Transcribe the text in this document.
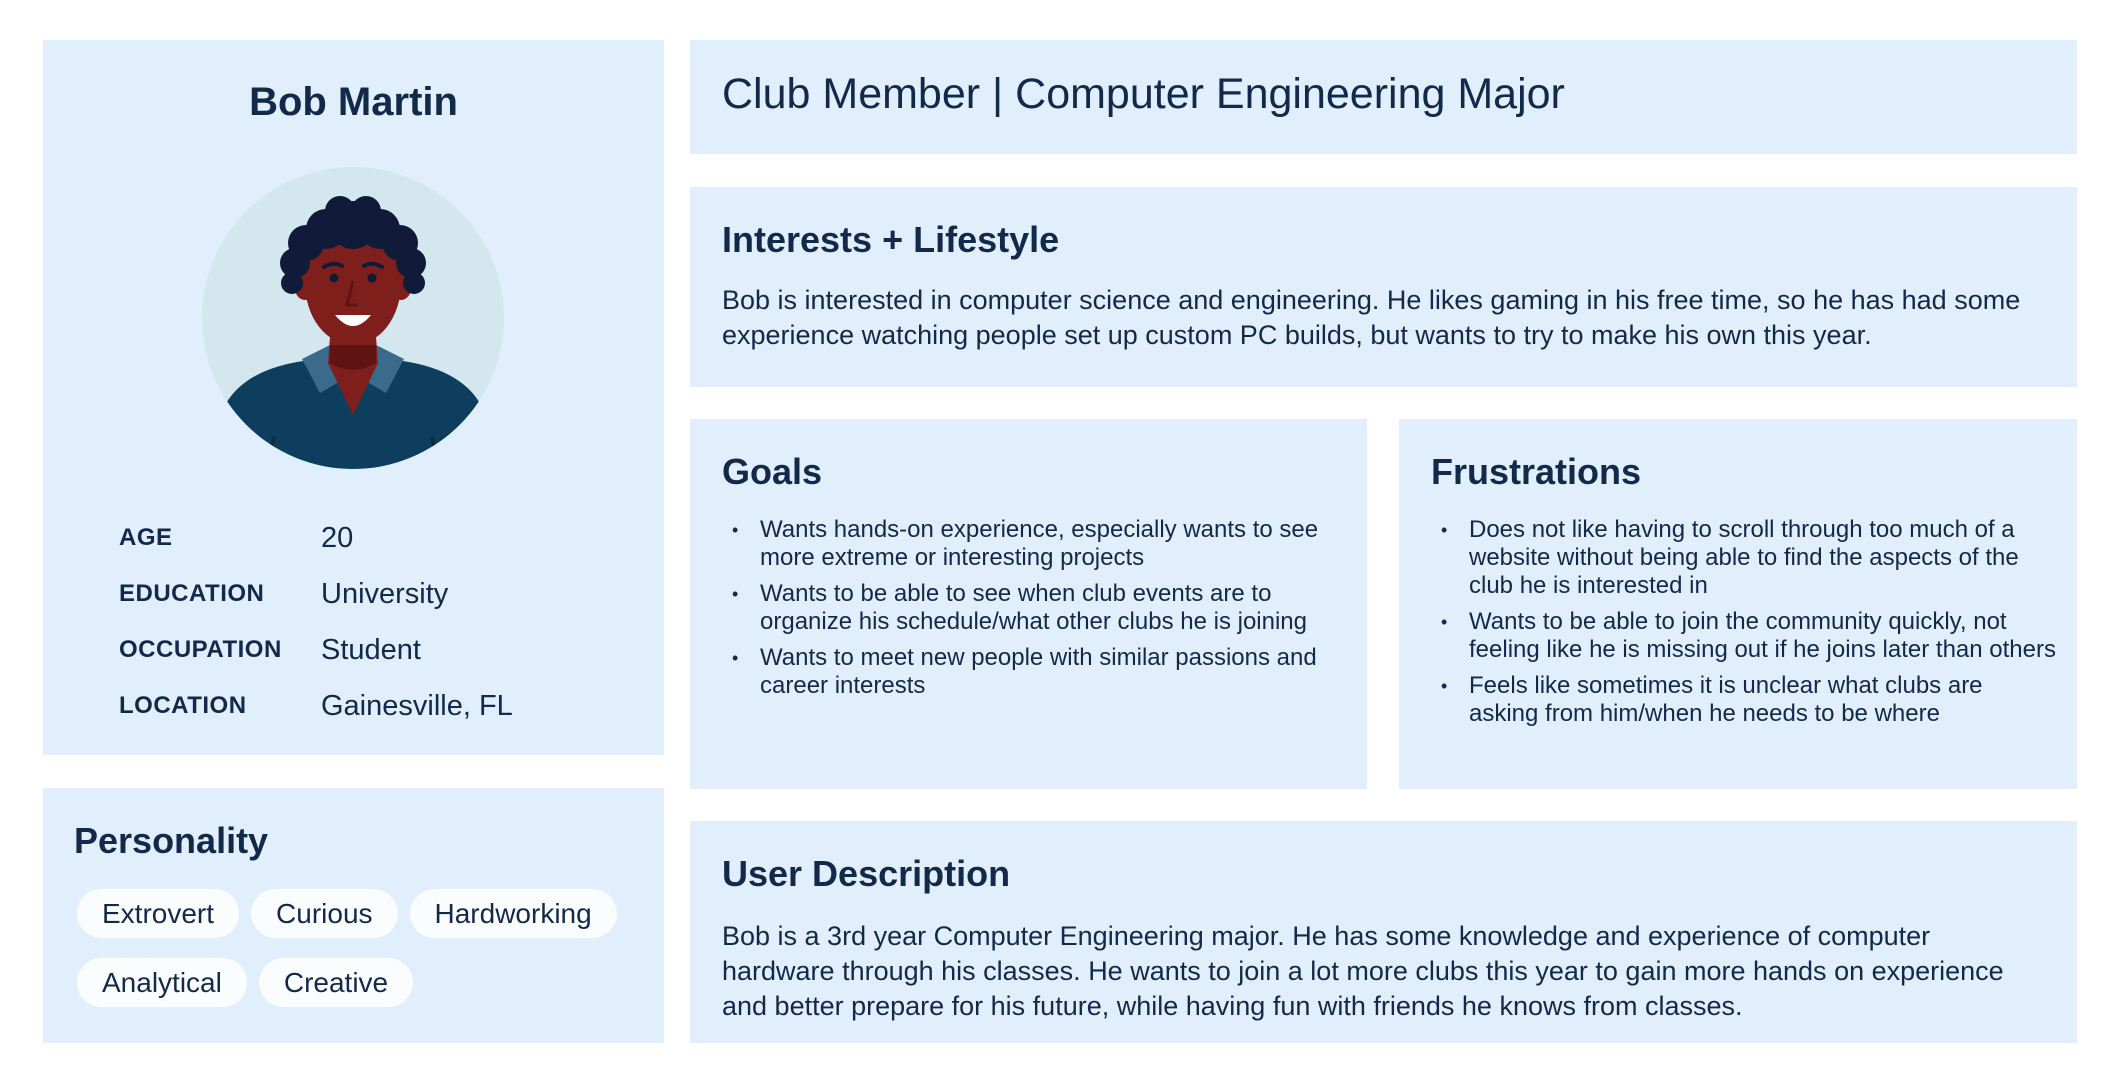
Bob Martin
AGE	20
EDUCATION	University
OCCUPATION	Student
LOCATION	Gainesville, FL
Personality
Extrovert	Curious	Hardworking
Analytical	Creative
Club Member | Computer Engineering Major
Interests + Lifestyle

Bob is interested in computer science and engineering. He likes gaming in his free time, so he has had some experience watching people set up custom PC builds, but wants to try to make his own this year.

Goals
• Wants hands-on experience, especially wants to see more extreme or interesting projects
• Wants to be able to see when club events are to organize his schedule/what other clubs he is joining
• Wants to meet new people with similar passions and career interests
Frustrations
• Does not like having to scroll through too much of a website without being able to find the aspects of the club he is interested in
• Wants to be able to join the community quickly, not feeling like he is missing out if he joins later than others
• Feels like sometimes it is unclear what clubs are asking from him/when he needs to be where
User Description

Bob is a 3rd year Computer Engineering major. He has some knowledge and experience of computer hardware through his classes. He wants to join a lot more clubs this year to gain more hands on experience and better prepare for his future, while having fun with friends he knows from classes.
